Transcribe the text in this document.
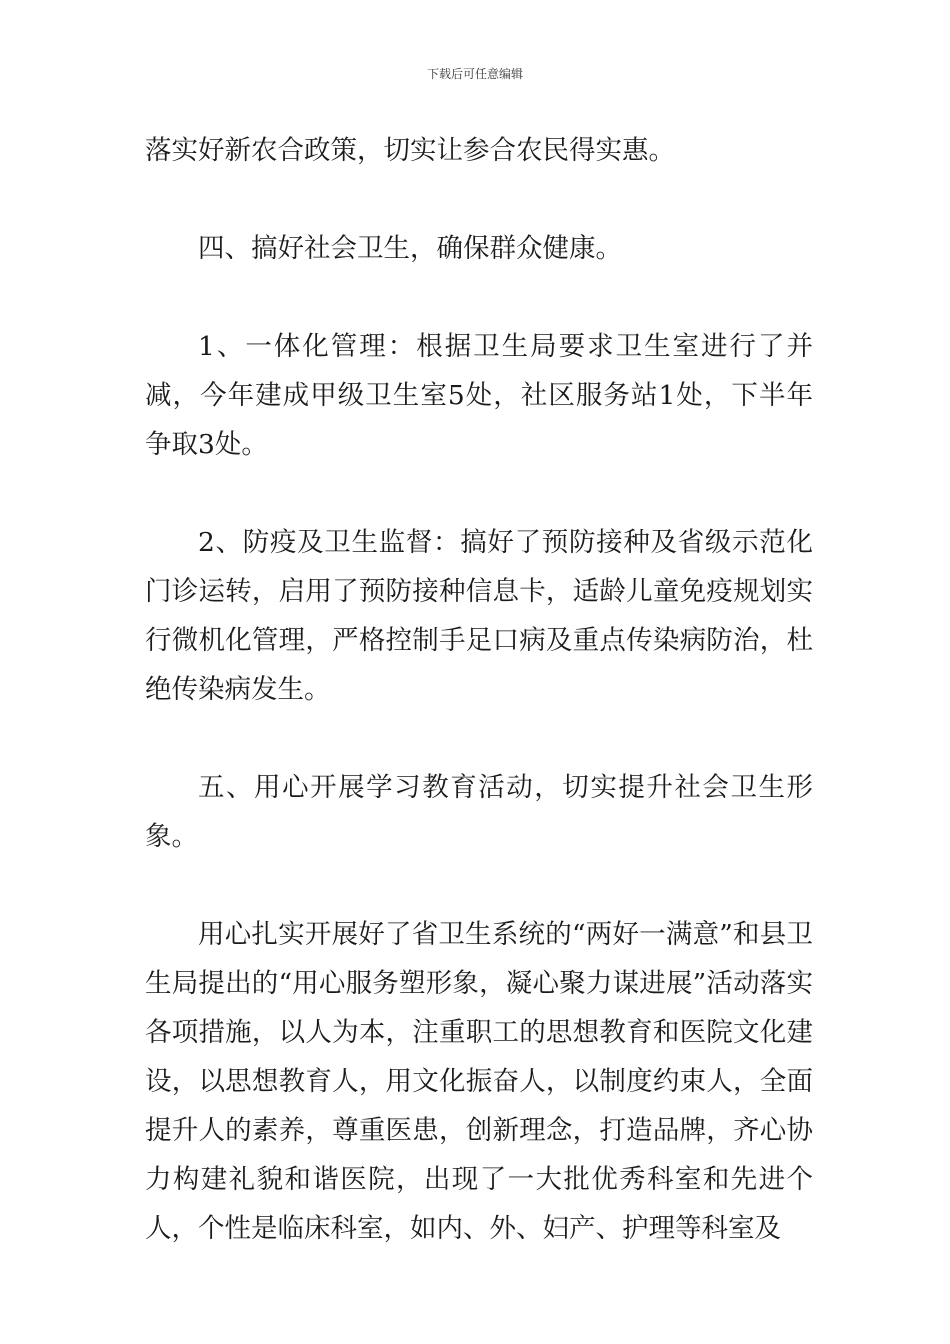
下载后可任意编辑

落实好新农合政策，切实让参合农民得实惠。

四、搞好社会卫生，确保群众健康。

1、一体化管理：根据卫生局要求卫生室进行了并减，今年建成甲级卫生室5处，社区服务站1处，下半年争取3处。

2、防疫及卫生监督：搞好了预防接种及省级示范化门诊运转，启用了预防接种信息卡，适龄儿童免疫规划实行微机化管理，严格控制手足口病及重点传染病防治，杜绝传染病发生。

五、用心开展学习教育活动，切实提升社会卫生形象。

用心扎实开展好了省卫生系统的“两好一满意”和县卫生局提出的“用心服务塑形象，凝心聚力谋进展”活动落实各项措施，以人为本，注重职工的思想教育和医院文化建设，以思想教育人，用文化振奋人，以制度约束人，全面提升人的素养，尊重医患，创新理念，打造品牌，齐心协力构建礼貌和谐医院，出现了一大批优秀科室和先进个人，个性是临床科室，如内、外、妇产、护理等科室及
